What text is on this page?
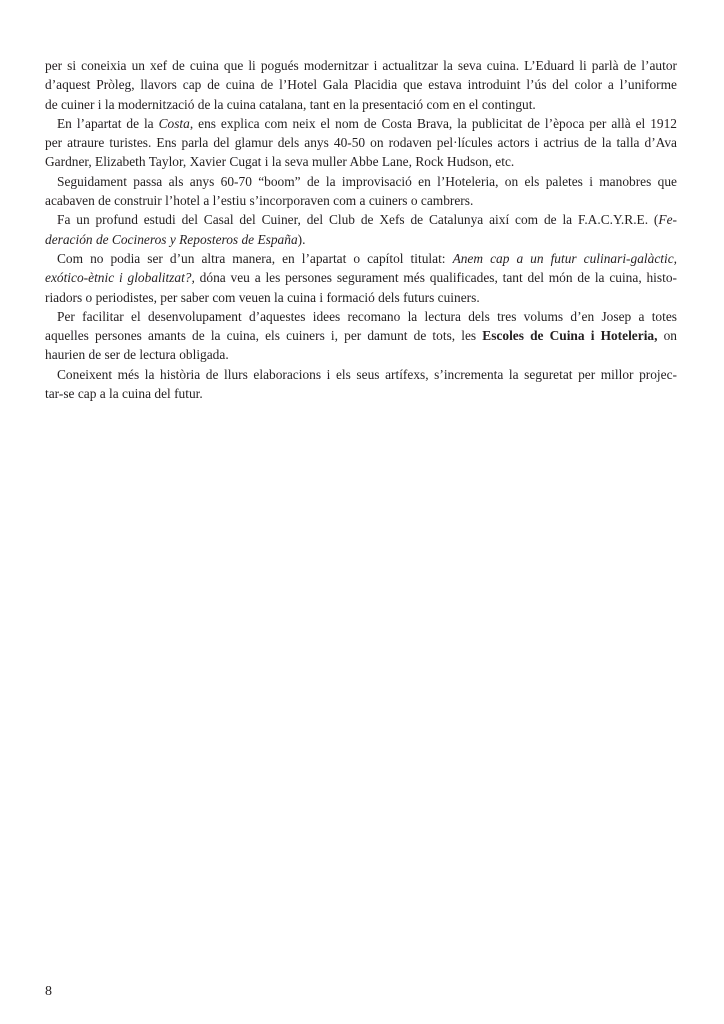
per si coneixia un xef de cuina que li pogués modernitzar i actualitzar la seva cuina. L’Eduard li parlà de l’autor
d’aquest Pròleg, llavors cap de cuina de l’Hotel Gala Placidia que estava introduint l’ús del color a l’uniforme
de cuiner i la modernització de la cuina catalana, tant en la presentació com en el contingut.
En l’apartat de la Costa, ens explica com neix el nom de Costa Brava, la publicitat de l’època per allà el 1912
per atraure turistes. Ens parla del glamur dels anys 40-50 on rodaven pel·lícules actors i actrius de la talla d’Ava
Gardner, Elizabeth Taylor, Xavier Cugat i la seva muller Abbe Lane, Rock Hudson, etc.
Seguidament passa als anys 60-70 “boom” de la improvisació en l’Hoteleria, on els paletes i manobres que
acabaven de construir l’hotel a l’estiu s’incorporaven com a cuiners o cambrers.
Fa un profund estudi del Casal del Cuiner, del Club de Xefs de Catalunya així com de la F.A.C.Y.R.E. (Fe-
deración de Cocineros y Reposteros de España).
Com no podia ser d’un altra manera, en l’apartat o capítol titulat: Anem cap a un futur culinari-galàctic,
exótico-ètnic i globalitzat?, dóna veu a les persones segurament més qualificades, tant del món de la cuina, histo-
riadors o periodistes, per saber com veuen la cuina i formació dels futurs cuiners.
Per facilitar el desenvolupament d’aquestes idees recomano la lectura dels tres volums d’en Josep a totes
aquelles persones amants de la cuina, els cuiners i, per damunt de tots, les Escoles de Cuina i Hoteleria, on
haurien de ser de lectura obligada.
Coneixent més la història de llurs elaboracions i els seus artífexs, s’incrementa la seguretat per millor projec-
tar-se cap a la cuina del futur.
8
